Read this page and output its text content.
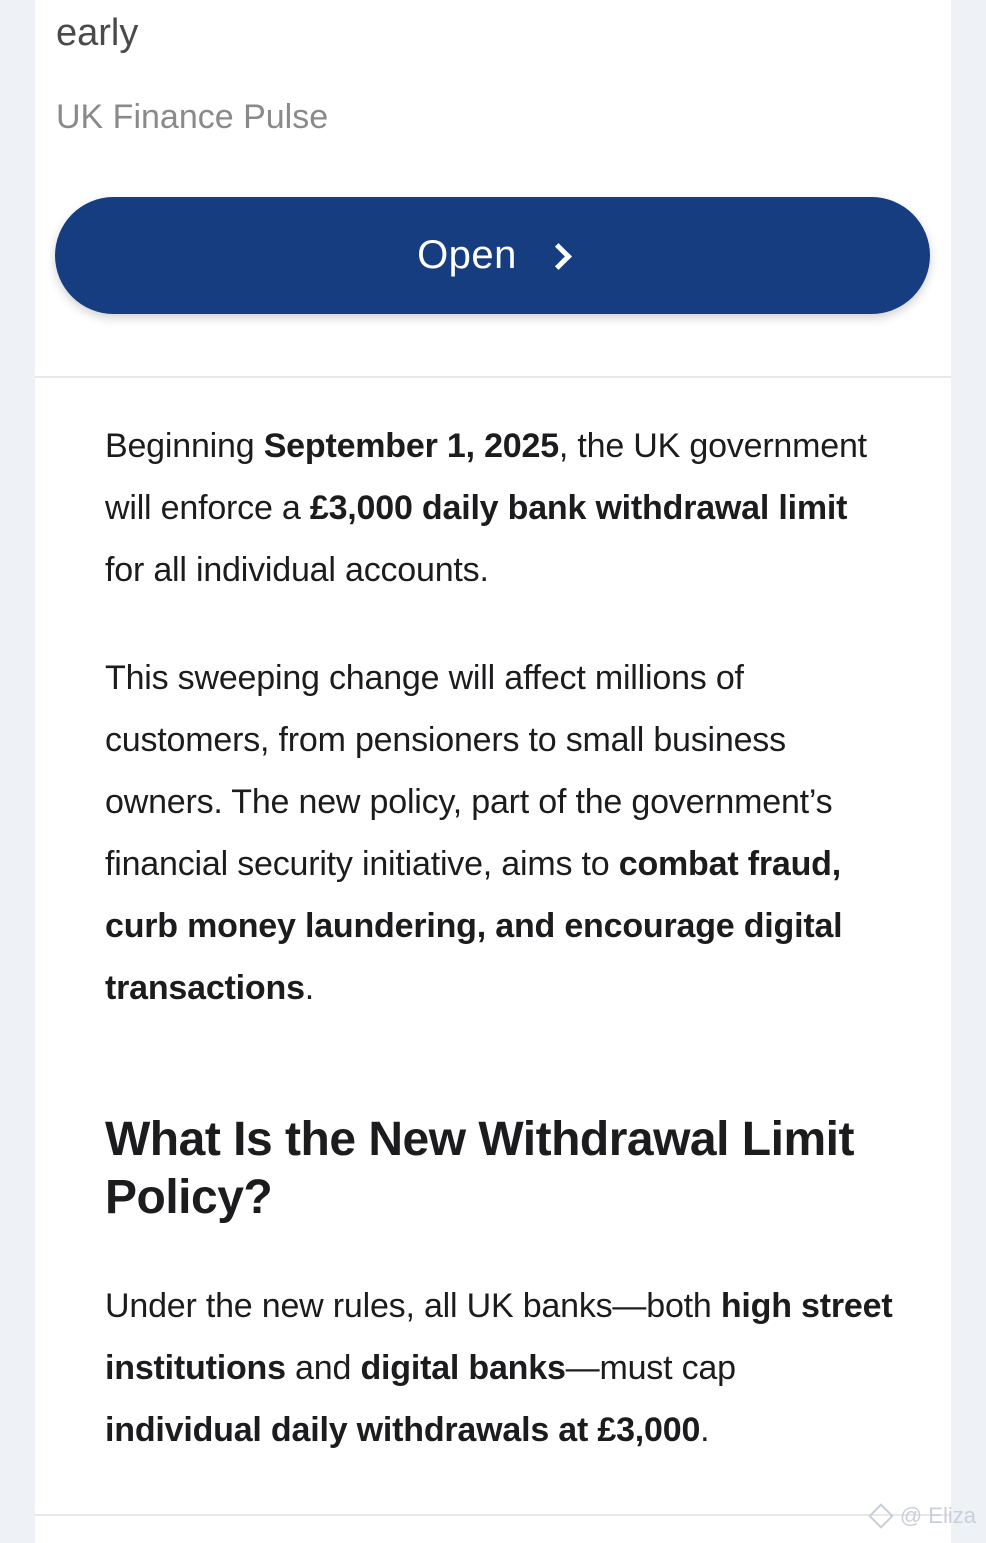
early
UK Finance Pulse
Open

Beginning September 1, 2025, the UK government will enforce a £3,000 daily bank withdrawal limit for all individual accounts.

This sweeping change will affect millions of customers, from pensioners to small business owners. The new policy, part of the government’s financial security initiative, aims to combat fraud, curb money laundering, and encourage digital transactions.

What Is the New Withdrawal Limit Policy?

Under the new rules, all UK banks—both high street institutions and digital banks—must cap individual daily withdrawals at £3,000.

@ Eliza
